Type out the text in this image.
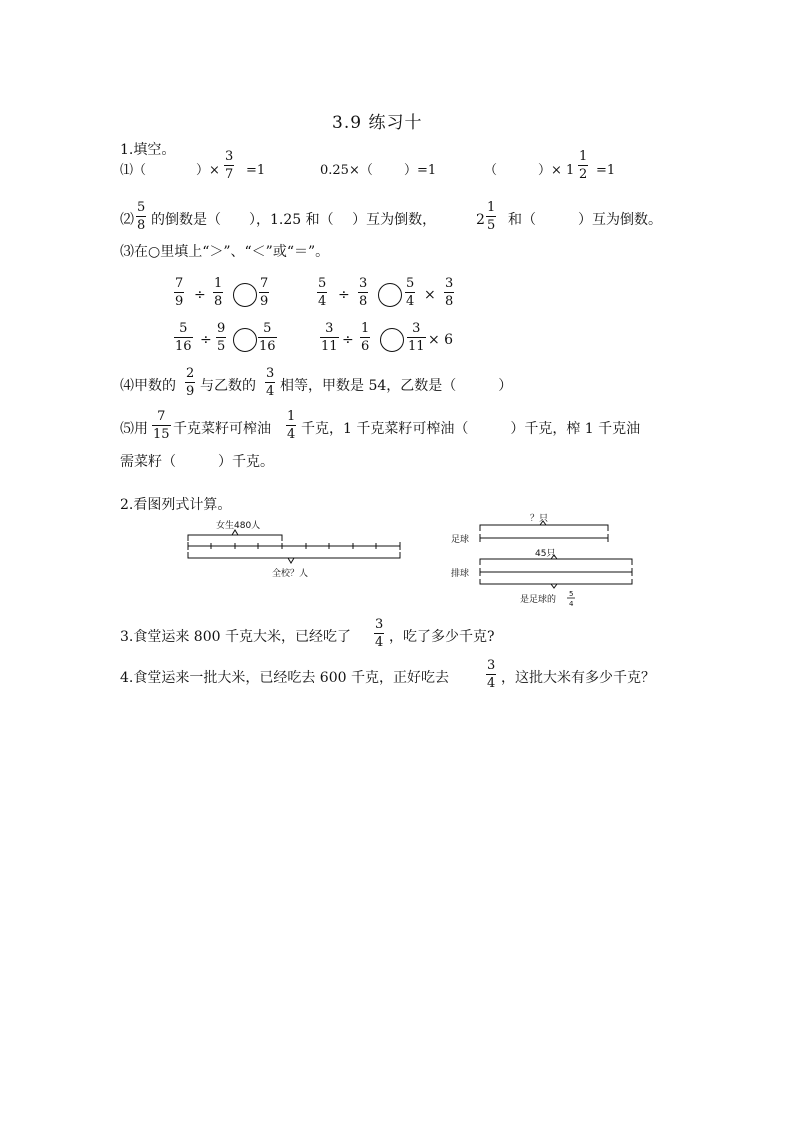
3.9 练习十
1.填空。
⑴（	）×
3
7 =1	0.25×（ ）=1	（	）× 1
1
2 =1
⑵
5
8 的倒数是（　　），1.25 和（　 ）互为倒数，	2
1
5 和（　　　）互为倒数。
⑶在○里填上“＞”、“＜”或“＝”。
7
9 ÷
1
8
7
9
5
4 ÷
3
8
5
4 ×
3
8
5
16 ÷
9
5
5
16
3
11 ÷
1
6
3
11 × 6
⑷甲数的
2
9 与乙数的
3
4 相等，甲数是 54，乙数是（　　　）
⑸用
7
15 千克菜籽可榨油
1
4 千克，1 千克菜籽可榨油（　　　）千克，榨 1 千克油
需菜籽（　　　）千克。
2.看图列式计算。
女生480人
全校？人
？只
足球
45只
排球
是足球的
5
4
3.食堂运来 800 千克大米，已经吃了
3
4 ，吃了多少千克?
4.食堂运来一批大米，已经吃去 600 千克，正好吃去
3
4 ，这批大米有多少千克？
